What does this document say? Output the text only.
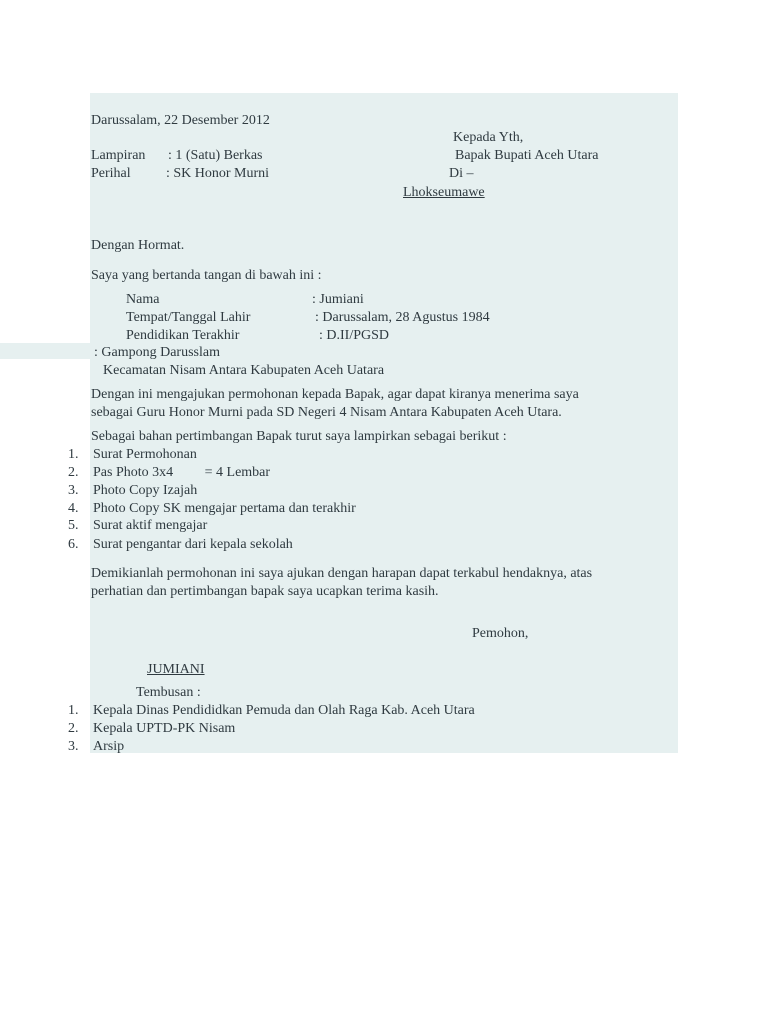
Darussalam, 22 Desember 2012
Kepada Yth,
Lampiran : 1 (Satu) Berkas	Bapak Bupati Aceh Utara
Perihal	: SK Honor Murni	Di –
Lhokseumawe
Dengan Hormat.
Saya yang bertanda tangan di bawah ini :
Nama	: Jumiani
Tempat/Tanggal Lahir	: Darussalam, 28 Agustus 1984
Pendidikan Terakhir	: D.II/PGSD
: Gampong Darusslam
Kecamatan Nisam Antara Kabupaten Aceh Uatara
Dengan ini mengajukan permohonan kepada Bapak, agar dapat kiranya menerima saya
sebagai Guru Honor Murni pada SD Negeri 4 Nisam Antara Kabupaten Aceh Utara.
Sebagai bahan pertimbangan Bapak turut saya lampirkan sebagai berikut :
1. Surat Permohonan
2. Pas Photo 3x4         = 4 Lembar
3. Photo Copy Izajah
4. Photo Copy SK mengajar pertama dan terakhir
5. Surat aktif mengajar
6. Surat pengantar dari kepala sekolah
Demikianlah permohonan ini saya ajukan dengan harapan dapat terkabul hendaknya, atas
perhatian dan pertimbangan bapak saya ucapkan terima kasih.
Pemohon,
JUMIANI
Tembusan :
1. Kepala Dinas Pendididkan Pemuda dan Olah Raga Kab. Aceh Utara
2. Kepala UPTD-PK Nisam
3. Arsip
